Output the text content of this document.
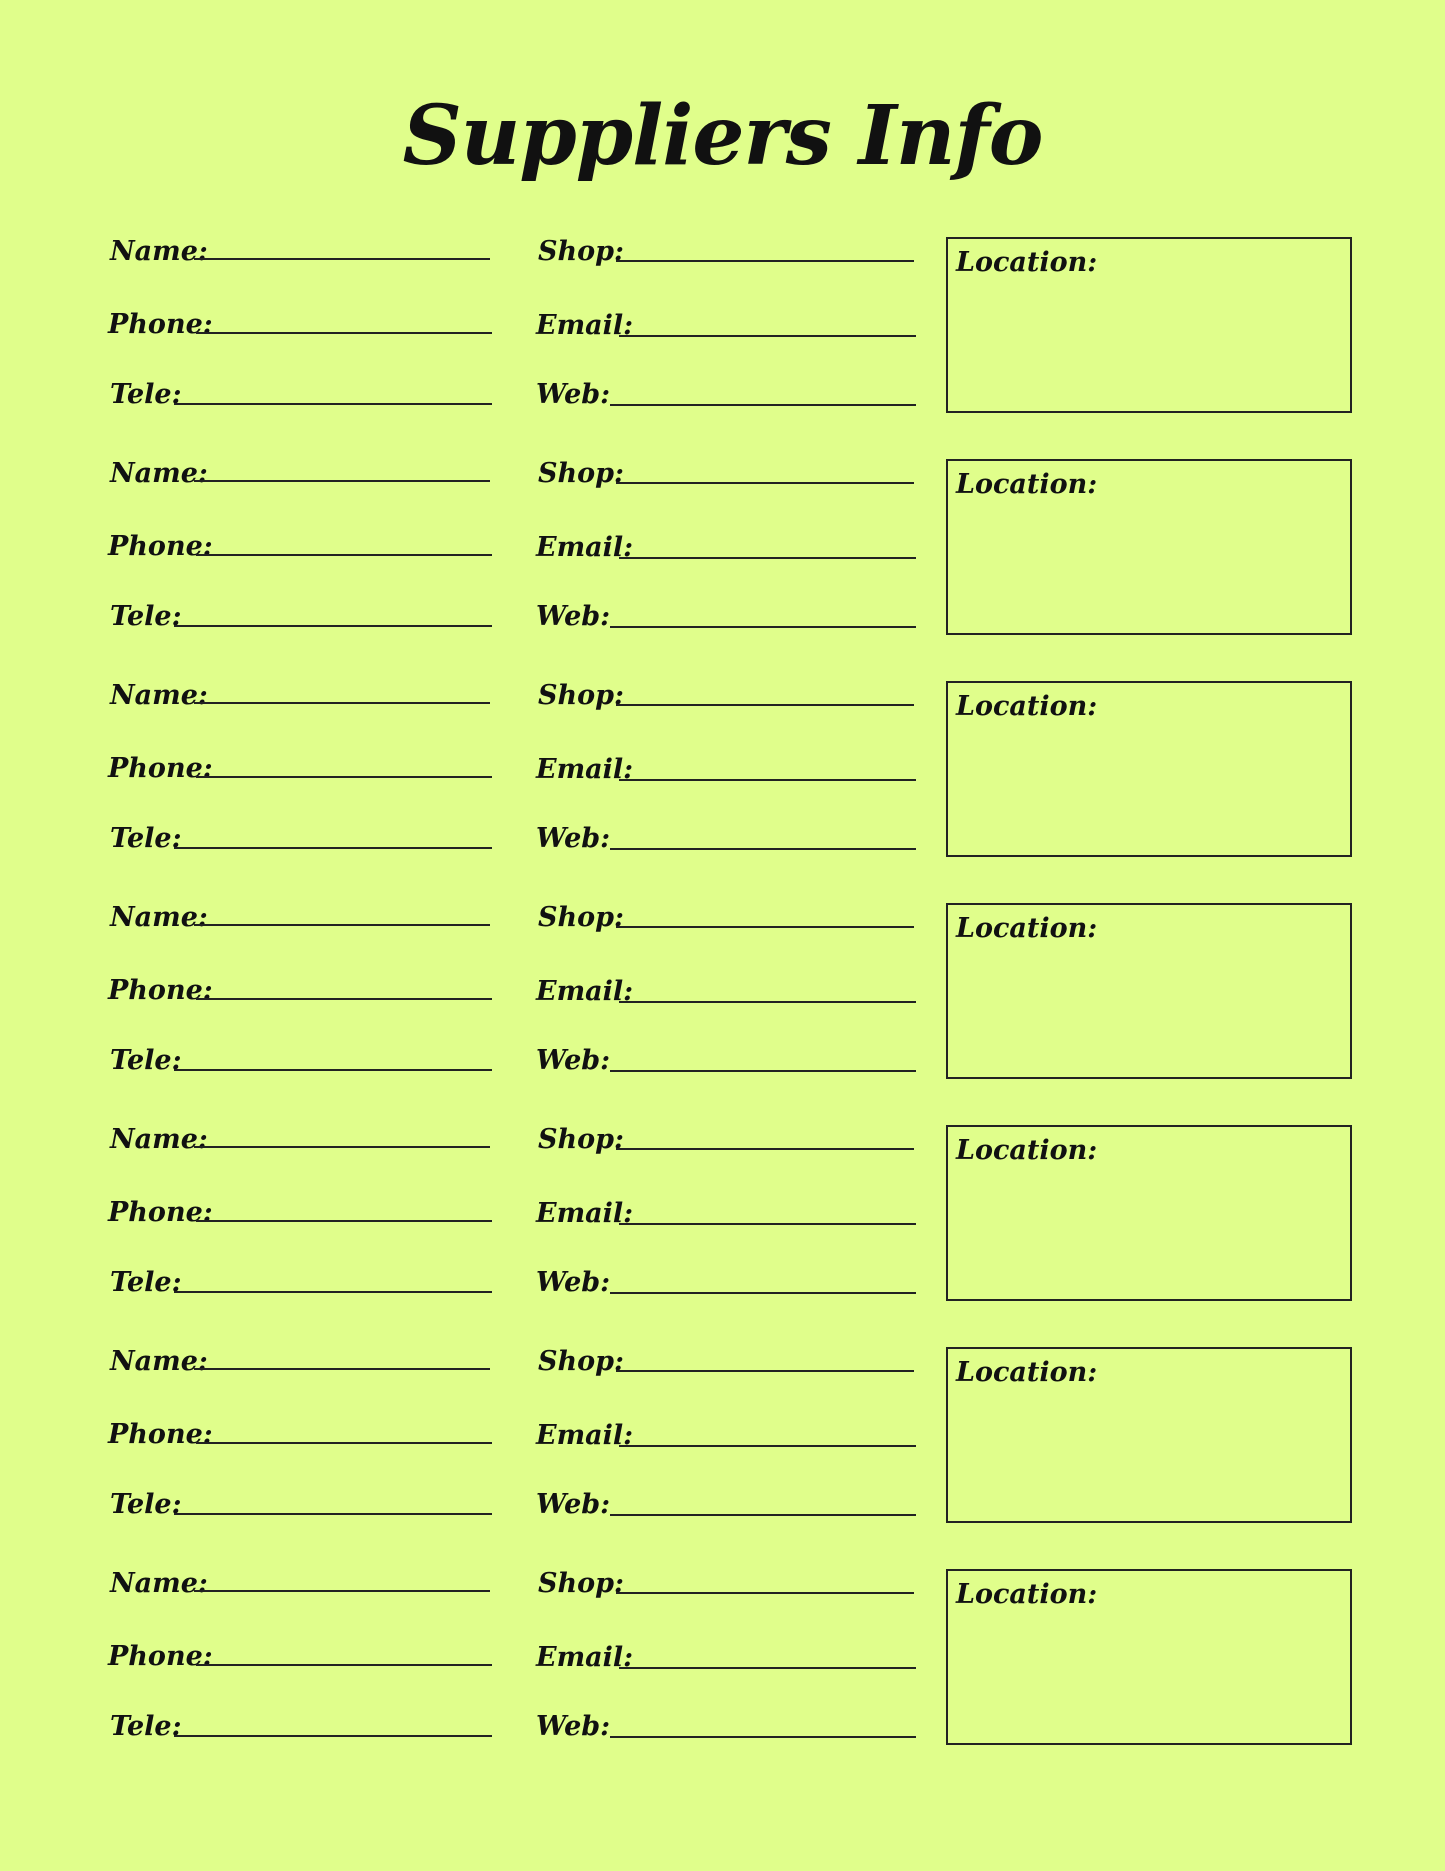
Suppliers Info
Name:
Phone:
Tele:
Shop:
Email:
Web:
Location:
Name:
Phone:
Tele:
Shop:
Email:
Web:
Location:
Name:
Phone:
Tele:
Shop:
Email:
Web:
Location:
Name:
Phone:
Tele:
Shop:
Email:
Web:
Location:
Name:
Phone:
Tele:
Shop:
Email:
Web:
Location:
Name:
Phone:
Tele:
Shop:
Email:
Web:
Location:
Name:
Phone:
Tele:
Shop:
Email:
Web:
Location:
